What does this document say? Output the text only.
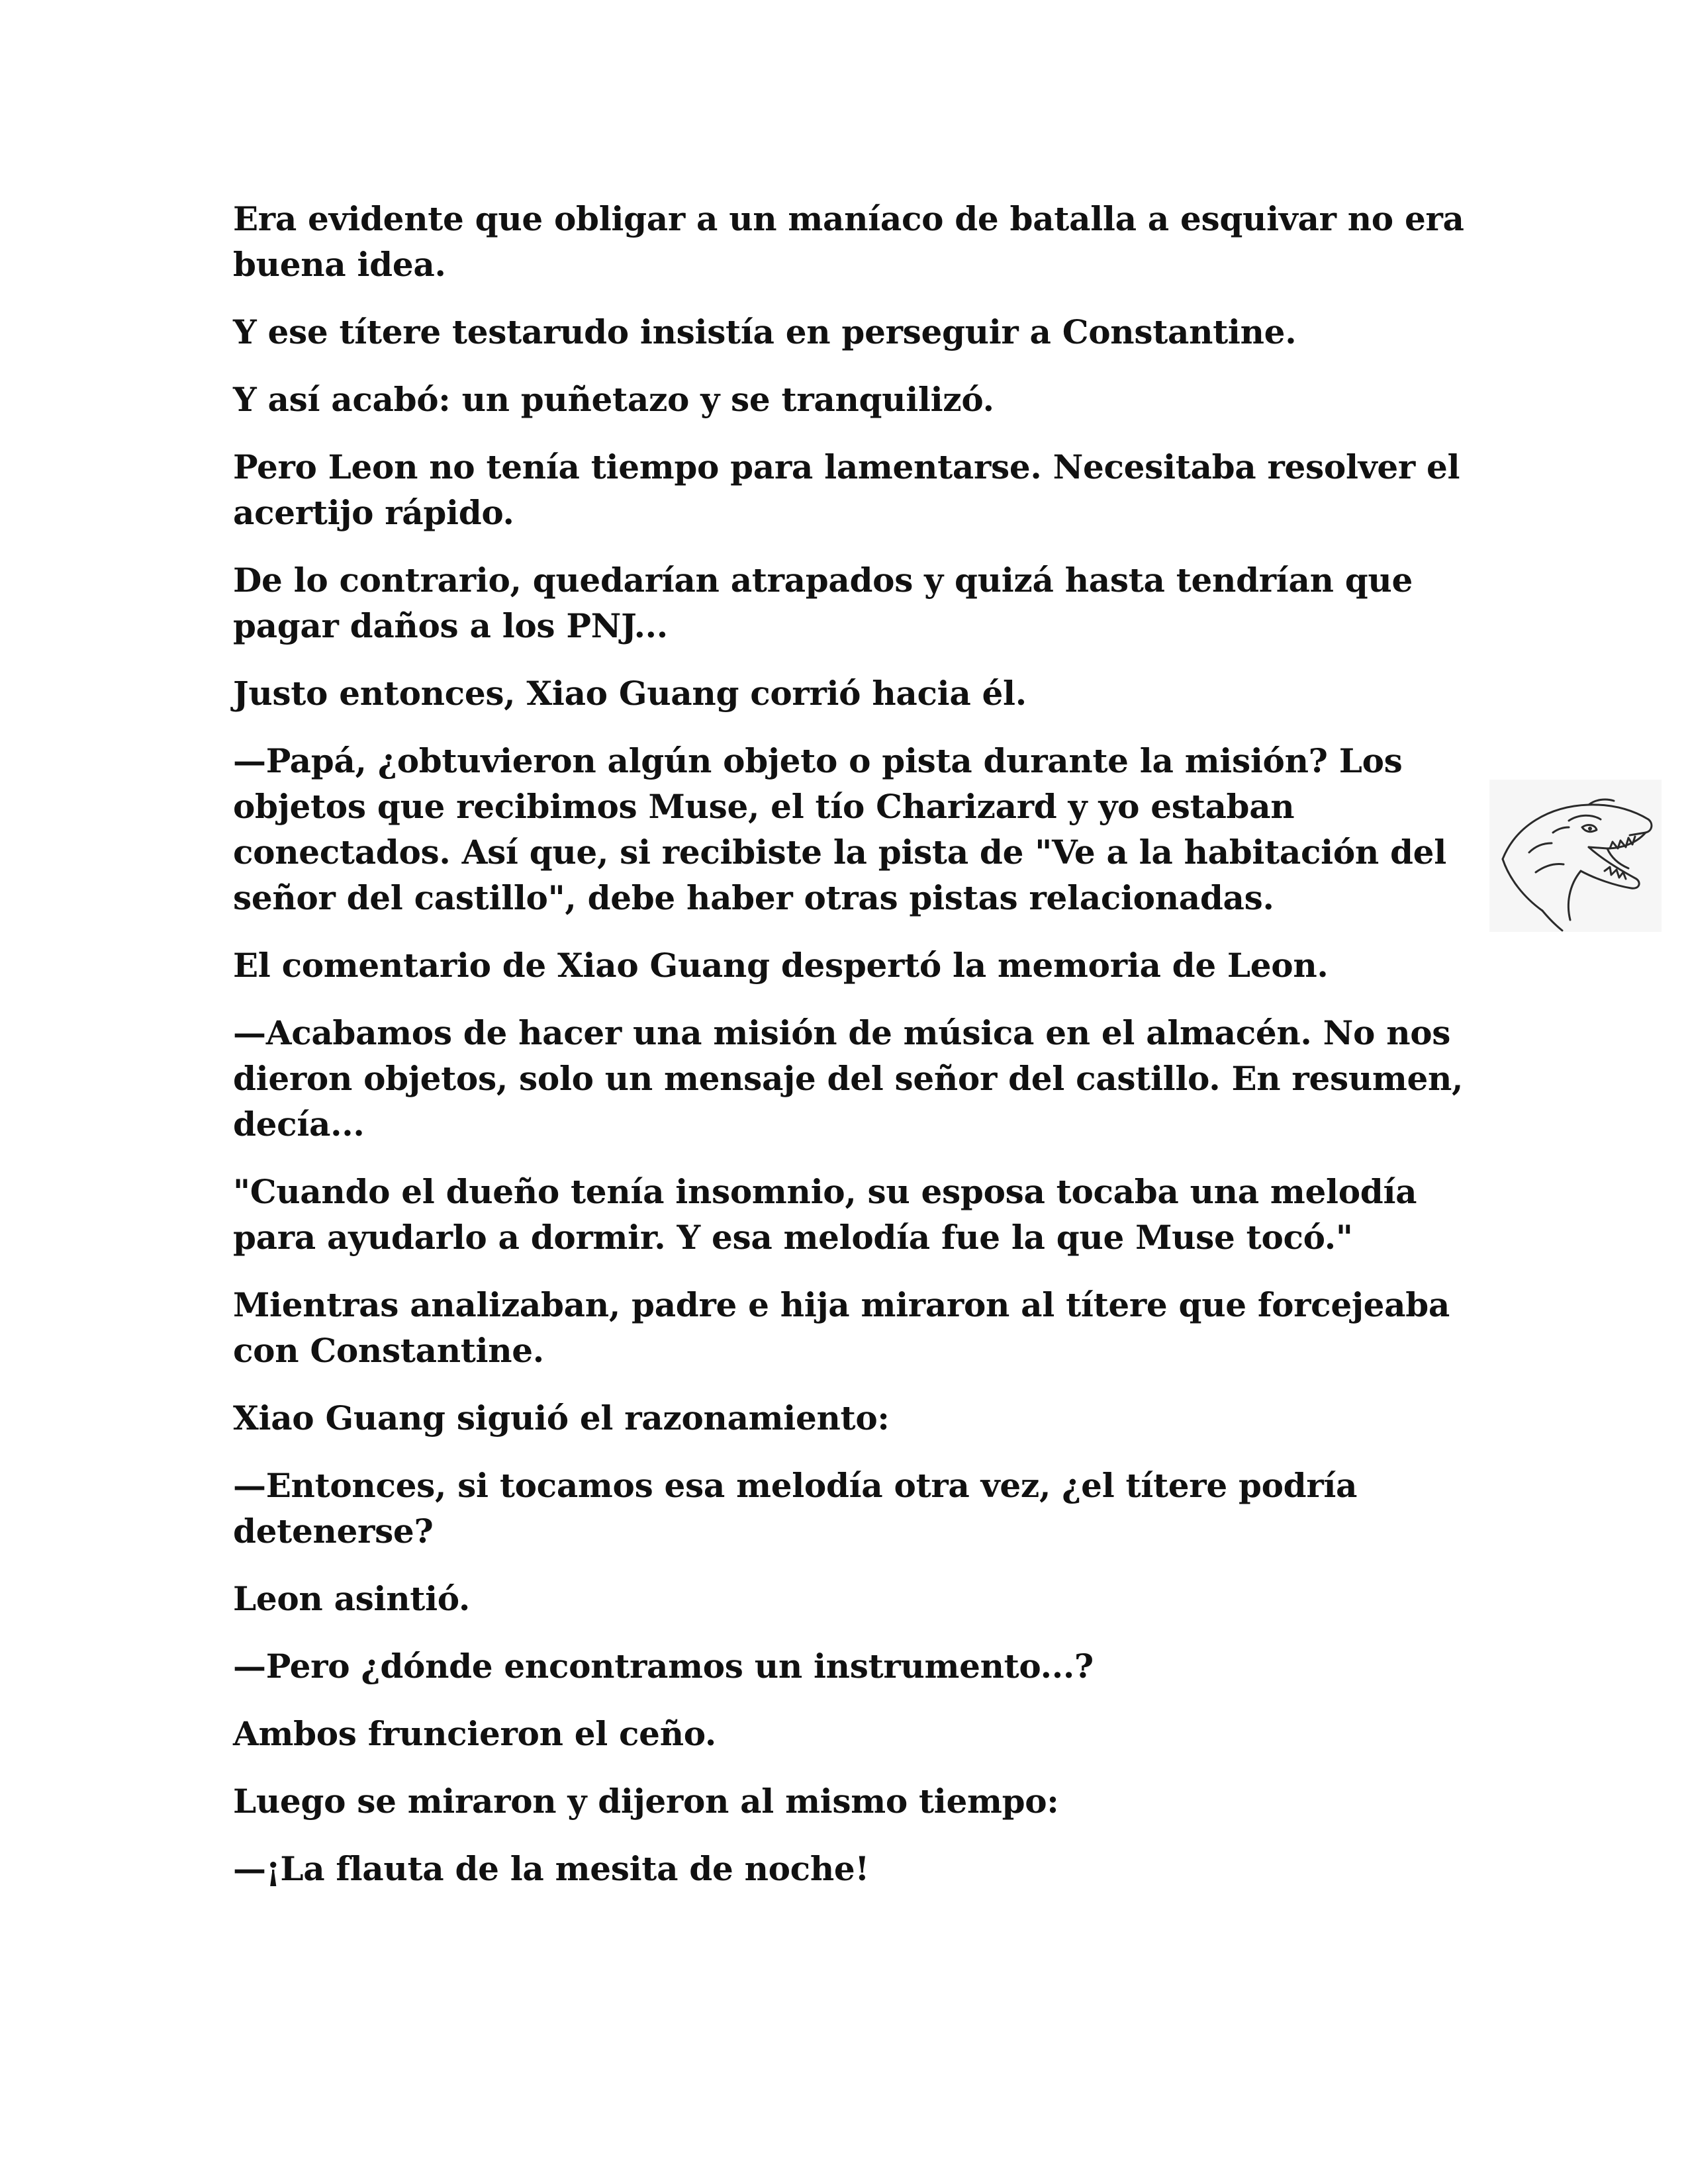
Era evidente que obligar a un maníaco de batalla a esquivar no era buena idea.

Y ese títere testarudo insistía en perseguir a Constantine.

Y así acabó: un puñetazo y se tranquilizó.

Pero Leon no tenía tiempo para lamentarse. Necesitaba resolver el acertijo rápido.

De lo contrario, quedarían atrapados y quizá hasta tendrían que pagar daños a los PNJ...

Justo entonces, Xiao Guang corrió hacia él.

—Papá, ¿obtuvieron algún objeto o pista durante la misión? Los objetos que recibimos Muse, el tío Charizard y yo estaban conectados. Así que, si recibiste la pista de "Ve a la habitación del señor del castillo", debe haber otras pistas relacionadas.

El comentario de Xiao Guang despertó la memoria de Leon.

—Acabamos de hacer una misión de música en el almacén. No nos dieron objetos, solo un mensaje del señor del castillo. En resumen, decía...

"Cuando el dueño tenía insomnio, su esposa tocaba una melodía para ayudarlo a dormir. Y esa melodía fue la que Muse tocó."

Mientras analizaban, padre e hija miraron al títere que forcejeaba con Constantine.

Xiao Guang siguió el razonamiento:

—Entonces, si tocamos esa melodía otra vez, ¿el títere podría detenerse?

Leon asintió.

—Pero ¿dónde encontramos un instrumento...?

Ambos fruncieron el ceño.

Luego se miraron y dijeron al mismo tiempo:

—¡La flauta de la mesita de noche!
